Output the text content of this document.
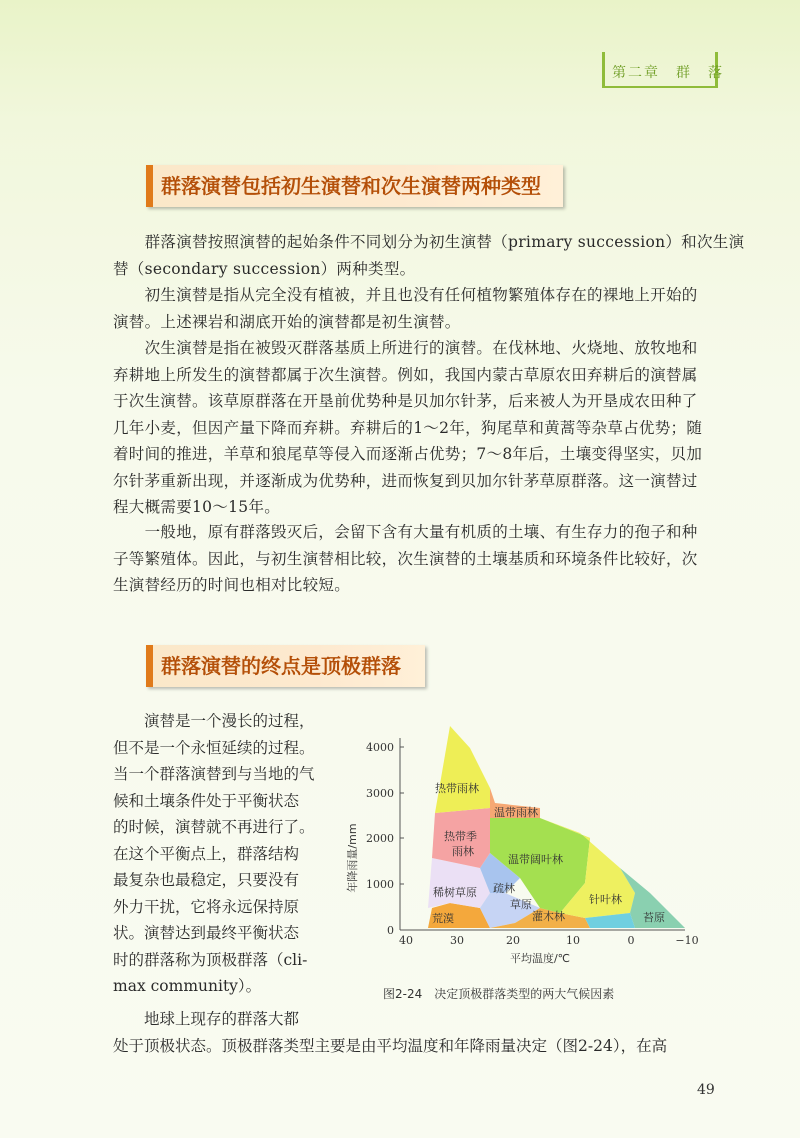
第二章　群　落
群落演替包括初生演替和次生演替两种类型

　　群落演替按照演替的起始条件不同划分为初生演替（primary succession）和次生演
替（secondary succession）两种类型。

　　初生演替是指从完全没有植被，并且也没有任何植物繁殖体存在的裸地上开始的
演替。上述裸岩和湖底开始的演替都是初生演替。

　　次生演替是指在被毁灭群落基质上所进行的演替。在伐林地、火烧地、放牧地和
弃耕地上所发生的演替都属于次生演替。例如，我国内蒙古草原农田弃耕后的演替属
于次生演替。该草原群落在开垦前优势种是贝加尔针茅，后来被人为开垦成农田种了
几年小麦，但因产量下降而弃耕。弃耕后的1～2年，狗尾草和黄蒿等杂草占优势；随
着时间的推进，羊草和狼尾草等侵入而逐渐占优势；7～8年后，土壤变得坚实，贝加
尔针茅重新出现，并逐渐成为优势种，进而恢复到贝加尔针茅草原群落。这一演替过
程大概需要10～15年。

　　一般地，原有群落毁灭后，会留下含有大量有机质的土壤、有生存力的孢子和种
子等繁殖体。因此，与初生演替相比较，次生演替的土壤基质和环境条件比较好，次
生演替经历的时间也相对比较短。

群落演替的终点是顶极群落

　　演替是一个漫长的过程，
但不是一个永恒延续的过程。
当一个群落演替到与当地的气
候和土壤条件处于平衡状态
的时候，演替就不再进行了。
在这个平衡点上，群落结构
最复杂也最稳定，只要没有
外力干扰，它将永远保持原
状。演替达到最终平衡状态
时的群落称为顶极群落（cli-
max community）。

0
1000
2000
3000
4000
40	30	20	10	0	−10
年降雨量/mm
平均温度/℃
热带雨林
温带雨林
热带季
雨林
温带阔叶林
稀树草原 疏林
草原	针叶林
荒漠	灌木林	苔原
图2-24　决定顶极群落类型的两大气候因素

　　地球上现存的群落大都
处于顶极状态。顶极群落类型主要是由平均温度和年降雨量决定（图2-24），在高

49
